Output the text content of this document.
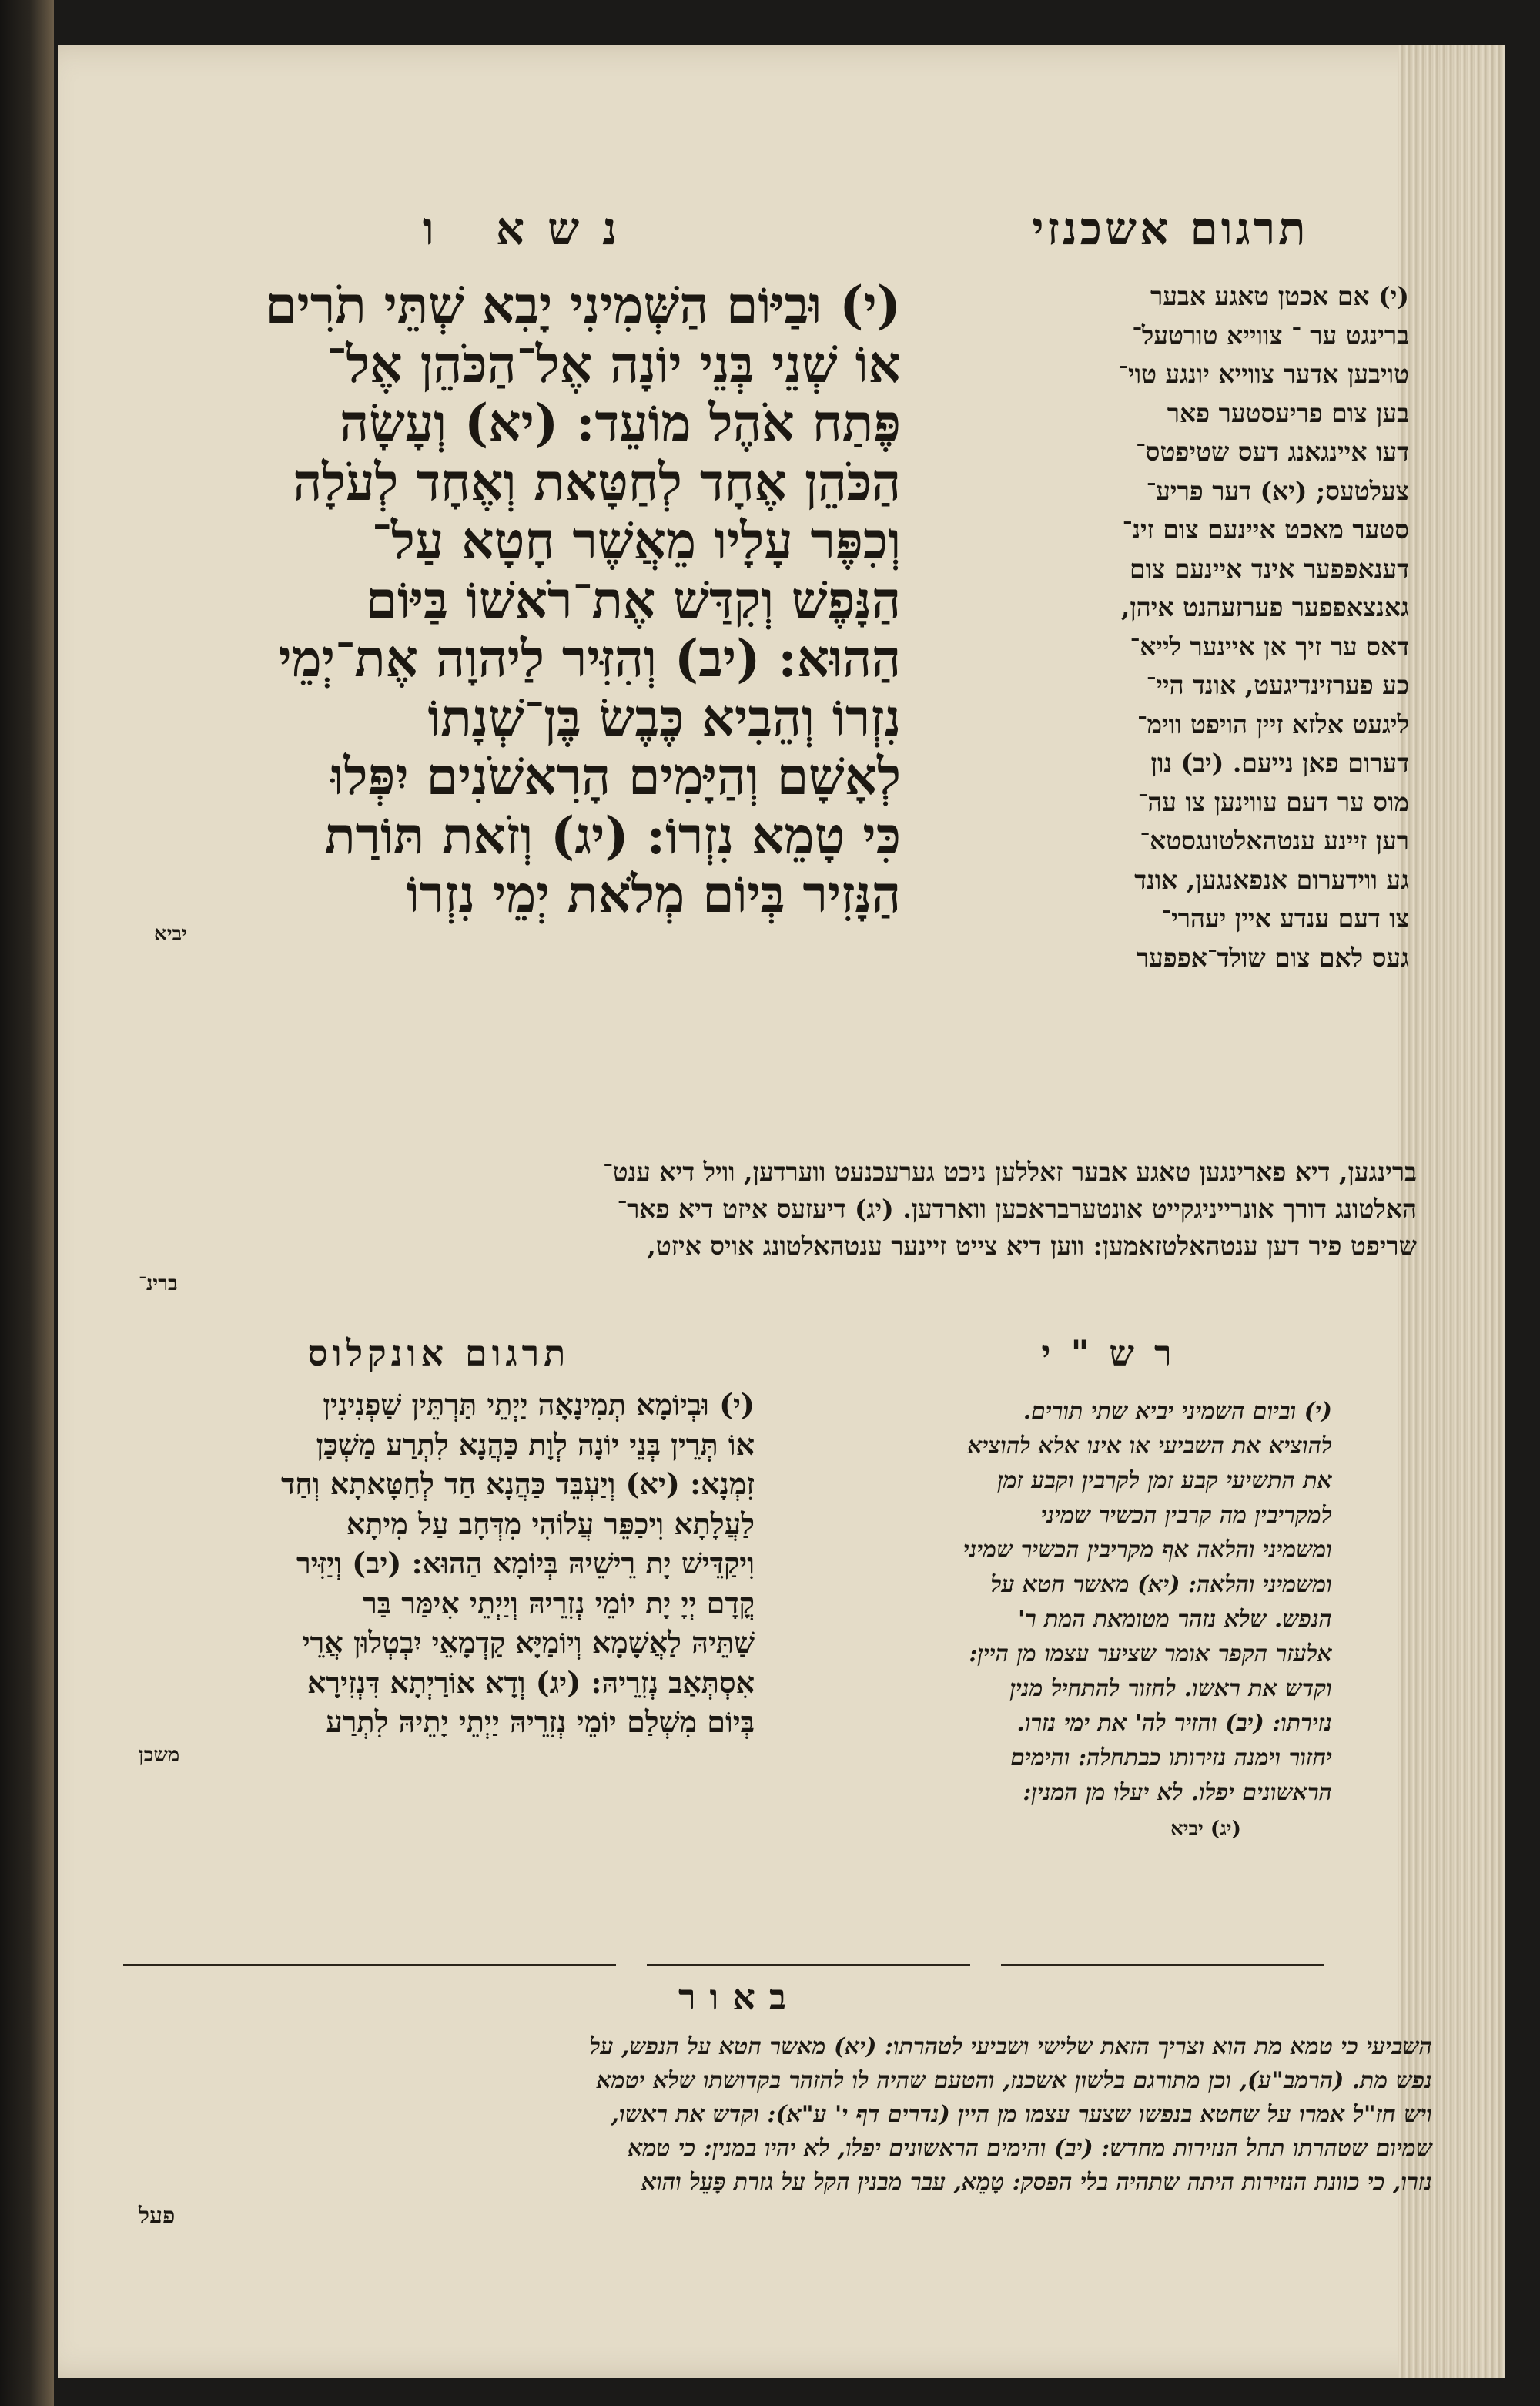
תרגום אשכנזי
נשא ו
(י) וּבַיּוֹם הַשְּׁמִינִי יָבִא שְׁתֵּי תֹרִים
אוֹ שְׁנֵי בְּנֵי יוֹנָה אֶל־הַכֹּהֵן אֶל־
פֶּתַח אֹהֶל מוֹעֵד: (יא) וְעָשָׂה
הַכֹּהֵן אֶחָד לְחַטָּאת וְאֶחָד לְעֹלָה
וְכִפֶּר עָלָיו מֵאֲשֶׁר חָטָא עַל־
הַנָּפֶשׁ וְקִדַּשׁ אֶת־רֹאשׁוֹ בַּיּוֹם
הַהוּא: (יב) וְהִזִּיר לַיהוָה אֶת־יְמֵי
נִזְרוֹ וְהֵבִיא כֶּבֶשׂ בֶּן־שְׁנָתוֹ
לְאָשָׁם וְהַיָּמִים הָרִאשֹׁנִים יִפְּלוּ
כִּי טָמֵא נִזְרוֹ: (יג) וְזֹאת תּוֹרַת
הַנָּזִיר בְּיוֹם מְלֹאת יְמֵי נִזְרוֹ
יביא
(י) אם אכטן טאגע אבער
ברינגט ער ־ צווייא טורטעל־
טויבען אדער צווייא יונגע טוי־
בען צום פריעסטער פאר
דעו איינגאנג דעס שטיפטס־
צעלטעס; (יא) דער פריע־
סטער מאכט איינעם צום זינ־
דענאפפער אינד איינעם צום
גאנצאפפער פערזעהנט איהן,
דאס ער זיך אן איינער לייא־
כע פערזינדיגעט, אונד היי־
ליגעט אלזא זיין הויפט ווימ־
דערום פאן נייעם. (יב) נון
מוס ער דעם עווינען צו עה־
רען זיינע ענטהאלטונגסטא־
גע ווידערום אנפאנגען, אונד
צו דעם ענדע איין יעהרי־
געס לאם צום שולד־אפפער
ברינגען, דיא פארינגען טאגע אבער זאללען ניכט גערעכנעט ווערדען, וויל דיא ענט־
האלטונג דורך אונרייניגקייט אונטערבראכען ווארדען. (יג) דיעזעס איזט דיא פאר־
שריפט פיר דען ענטהאלטזאמען: ווען דיא צייט זיינער ענטהאלטונג אויס איזט,
ברינ־
תרגום אונקלוס	רש"י
(י) וּבְיוֹמָא תְמִינָאָה יַיְתֵי תַּרְתֵּין שַׁפְנִינִין
אוֹ תְּרֵין בְּנֵי יוֹנָה לְוָת כַּהֲנָא לִתְרַע מַשְׁכַּן
זִמְנָא: (יא) וְיַעְבֵּד כַּהֲנָא חַד לְחַטָּאתָא וְחַד
לַעֲלָתָא וִיכַפֵּר עֲלוֹהִי מִדְּחָב עַל מִיתָא
וִיקַדֵּישׁ יָת רֵישֵׁיהּ בְּיוֹמָא הַהוּא: (יב) וְיַזִּיר
קֳדָם יְיָ יָת יוֹמֵי נְזִרֵיהּ וְיַיְתֵי אִימַּר בַּר
שַׁתֵּיהּ לַאֲשָׁמָא וְיוֹמַיָּא קַדְמָאֵי יִבְטְלוּן אֲרֵי
אִסְתְּאַב נְזִרֵיהּ: (יג) וְדָא אוֹרַיְתָא דִּנְזִירָא
בְּיוֹם מִשְׁלַם יוֹמֵי נְזִרֵיהּ יַיְתֵי יָתֵיהּ לִתְרַע
משכן
(י) וביום השמיני יביא שתי תורים.
להוציא את השביעי או אינו אלא להוציא
את התשיעי קבע זמן לקרבין וקבע זמן
למקריבין מה קרבין הכשיר שמיני
ומשמיני והלאה אף מקריבין הכשיר שמיני
ומשמיני והלאה: (יא) מאשר חטא על
הנפש. שלא נזהר מטומאת המת ר'
אלעזר הקפר אומר שציער עצמו מן היין:
וקדש את ראשו. לחזור להתחיל מנין
נזירתו: (יב) והזיר לה' את ימי נזרו.
יחזור וימנה נזירותו כבתחלה: והימים
הראשונים יפלו. לא יעלו מן המנין:
(יג) יביא
באור
השביעי כי טמא מת הוא וצריך הזאת שלישי ושביעי לטהרתו: (יא) מאשר חטא על הנפש, על
נפש מת. (הרמב"ע), וכן מתורגם בלשון אשכנז, והטעם שהיה לו להזהר בקדושתו שלא יטמא
ויש חז"ל אמרו על שחטא בנפשו שצער עצמו מן היין (נדרים דף י' ע"א): וקדש את ראשו,
שמיום שטהרתו תחל הנזירות מחדש: (יב) והימים הראשונים יפלו, לא יהיו במנין: כי טמא
נזרו, כי כוונת הנזירות היתה שתהיה בלי הפסק: טָמֵא, עבר מבנין הקל על גזרת פָּעֵל והוא
פעל
